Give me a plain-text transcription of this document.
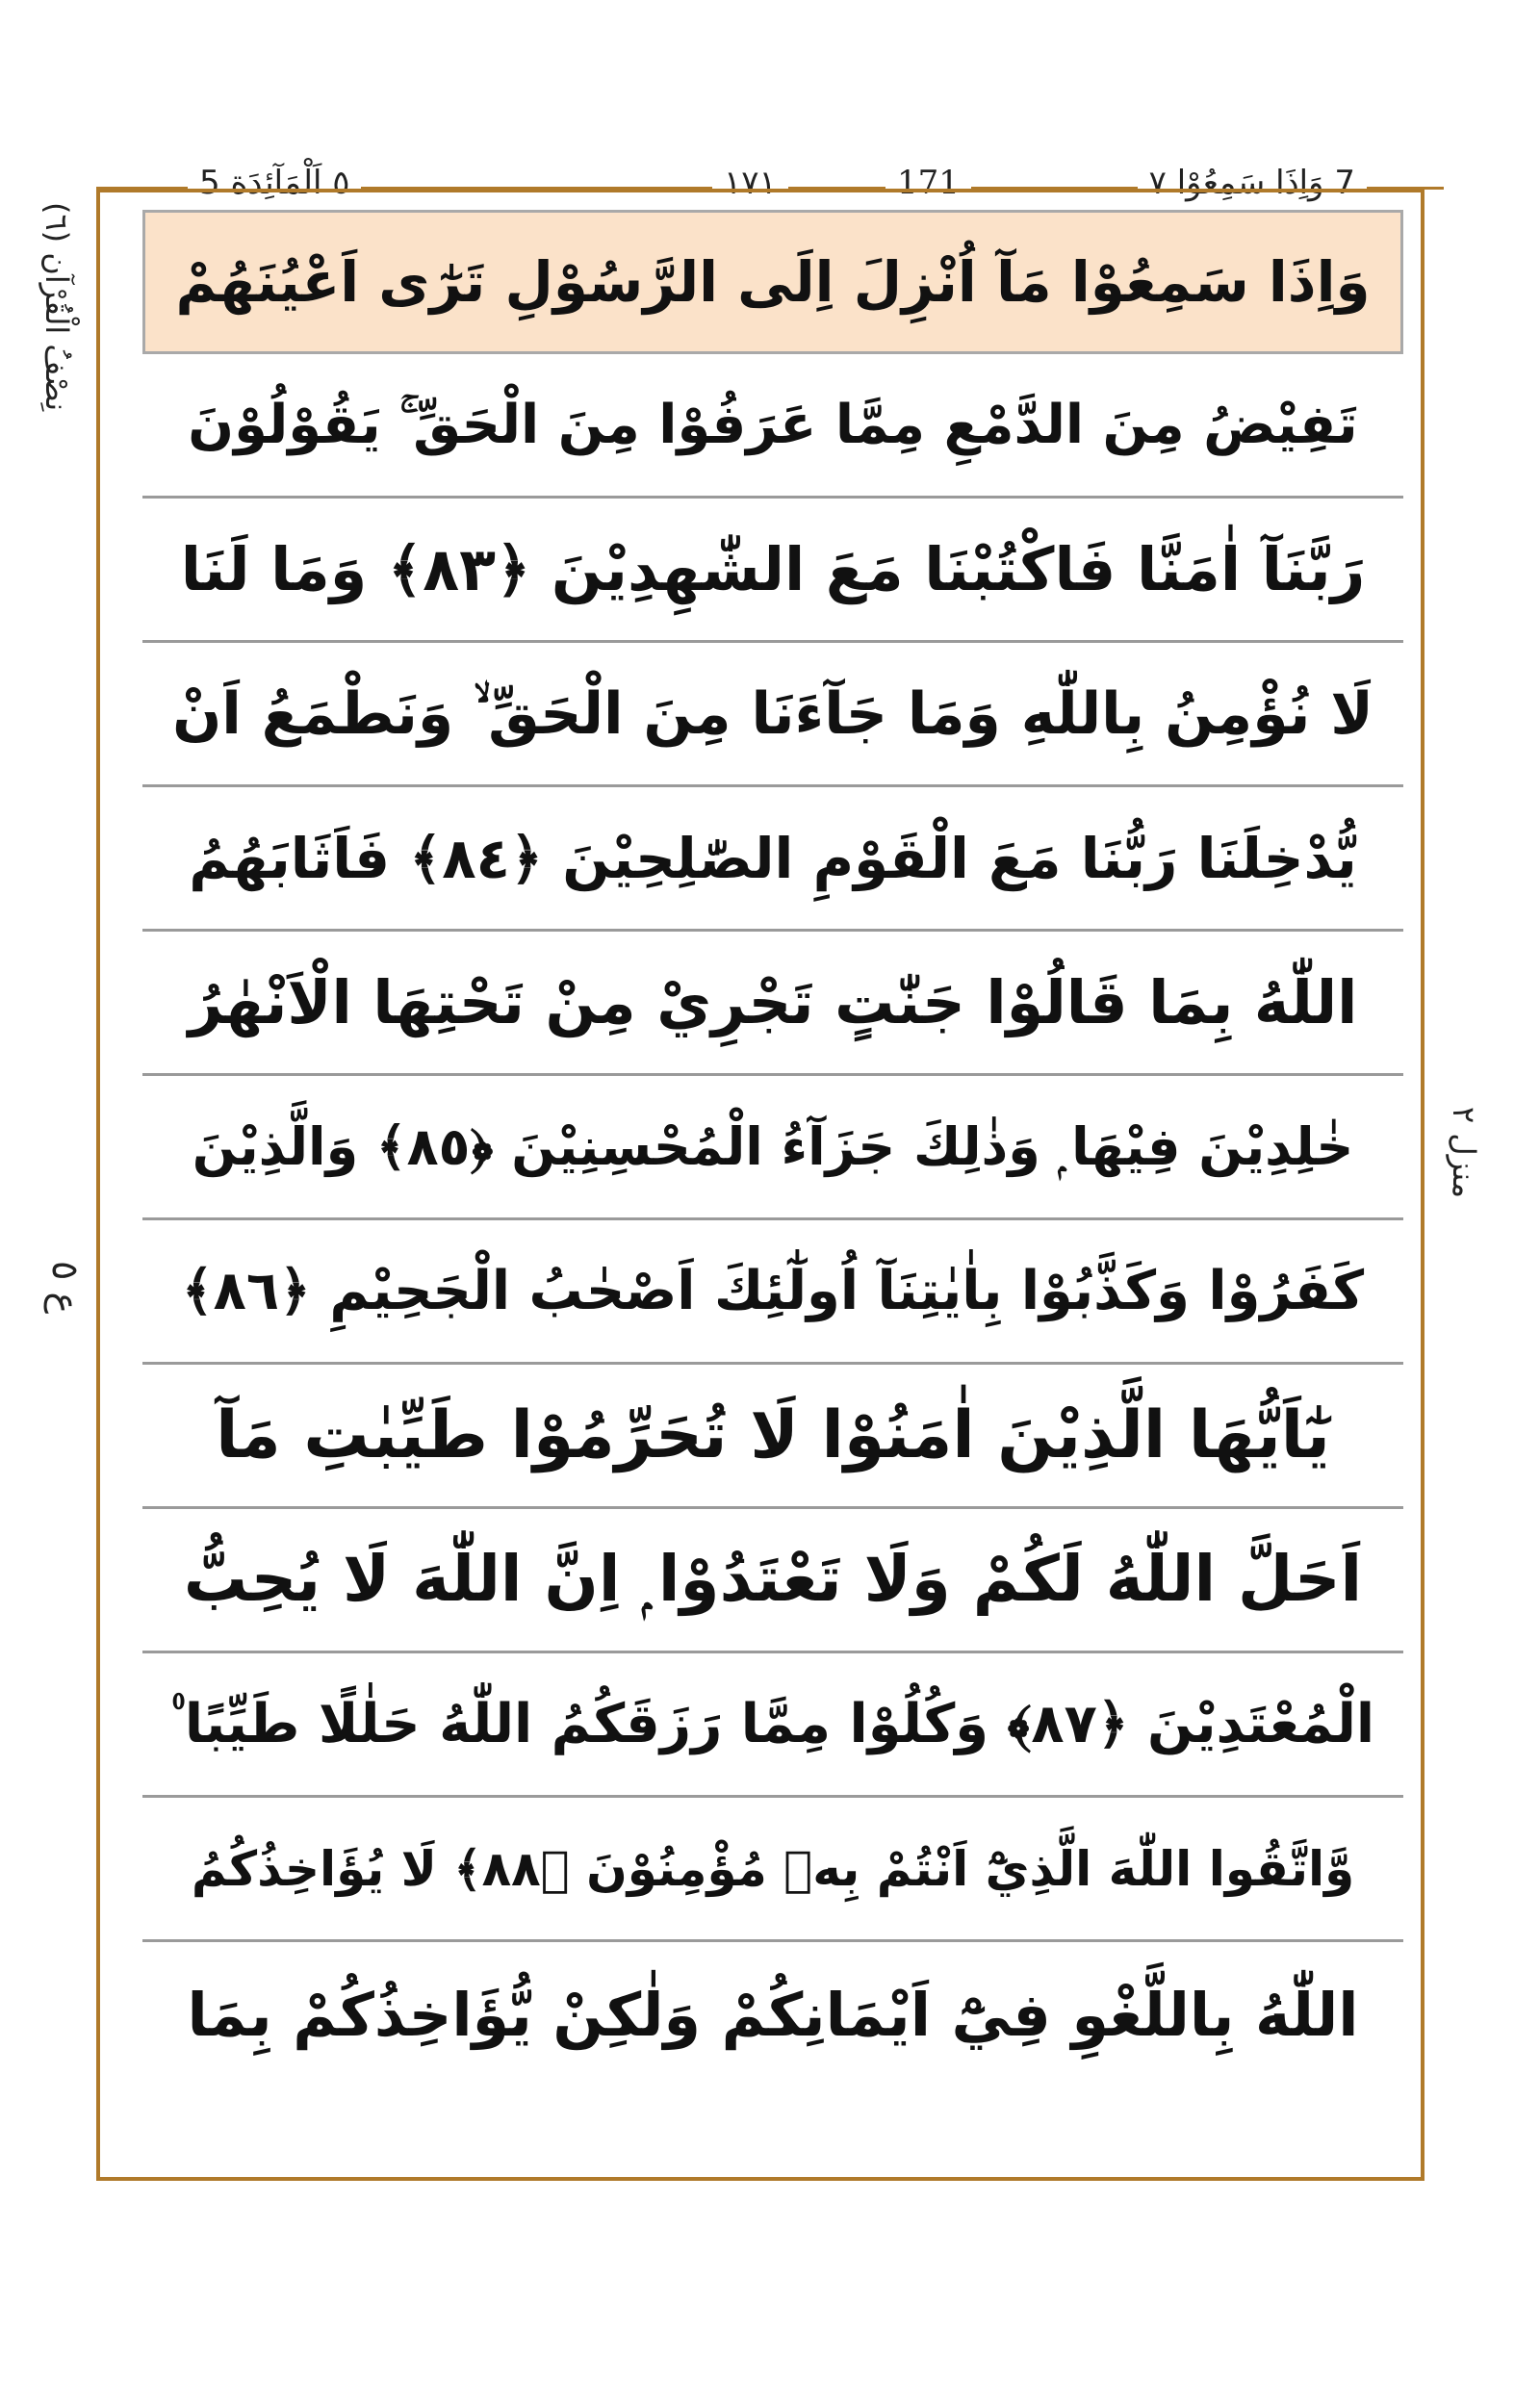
٥ اَلْمَآئِدَة 5	١٧١	171	7 وَاِذَا سَمِعُوْا ٧
(٦) نِصْفُ الْقُرْآن
ع ٥
منزل ٢
وَاِذَا سَمِعُوْا مَآ اُنْزِلَ اِلَى الرَّسُوْلِ تَرٰٓى اَعْيُنَهُمْ
تَفِيْضُ مِنَ الدَّمْعِ مِمَّا عَرَفُوْا مِنَ الْحَقِّ ۚ يَقُوْلُوْنَ
رَبَّنَآ اٰمَنَّا فَاكْتُبْنَا مَعَ الشّٰهِدِيْنَ ﴿٨٣﴾ وَمَا لَنَا
لَا نُؤْمِنُ بِاللّٰهِ وَمَا جَآءَنَا مِنَ الْحَقِّ ۙ وَنَطْمَعُ اَنْ
يُّدْخِلَنَا رَبُّنَا مَعَ الْقَوْمِ الصّٰلِحِيْنَ ﴿٨٤﴾ فَاَثَابَهُمُ
اللّٰهُ بِمَا قَالُوْا جَنّٰتٍ تَجْرِيْ مِنْ تَحْتِهَا الْاَنْهٰرُ
خٰلِدِيْنَ فِيْهَا ۭ وَذٰلِكَ جَزَآءُ الْمُحْسِنِيْنَ ﴿٨٥﴾ وَالَّذِيْنَ
كَفَرُوْا وَكَذَّبُوْا بِاٰيٰتِنَآ اُولٰٓئِكَ اَصْحٰبُ الْجَحِيْمِ ﴿٨٦﴾
يٰٓاَيُّهَا الَّذِيْنَ اٰمَنُوْا لَا تُحَرِّمُوْا طَيِّبٰتِ مَآ
اَحَلَّ اللّٰهُ لَكُمْ وَلَا تَعْتَدُوْا ۭ اِنَّ اللّٰهَ لَا يُحِبُّ
الْمُعْتَدِيْنَ ﴿٨٧﴾ وَكُلُوْا مِمَّا رَزَقَكُمُ اللّٰهُ حَلٰلًا طَيِّبًا ۠
وَّاتَّقُوا اللّٰهَ الَّذِيْٓ اَنْتُمْ بِهٖ مُؤْمِنُوْنَ ﴿٨٨﴾ لَا يُؤَاخِذُكُمُ
اللّٰهُ بِاللَّغْوِ فِيْٓ اَيْمَانِكُمْ وَلٰكِنْ يُّؤَاخِذُكُمْ بِمَا
